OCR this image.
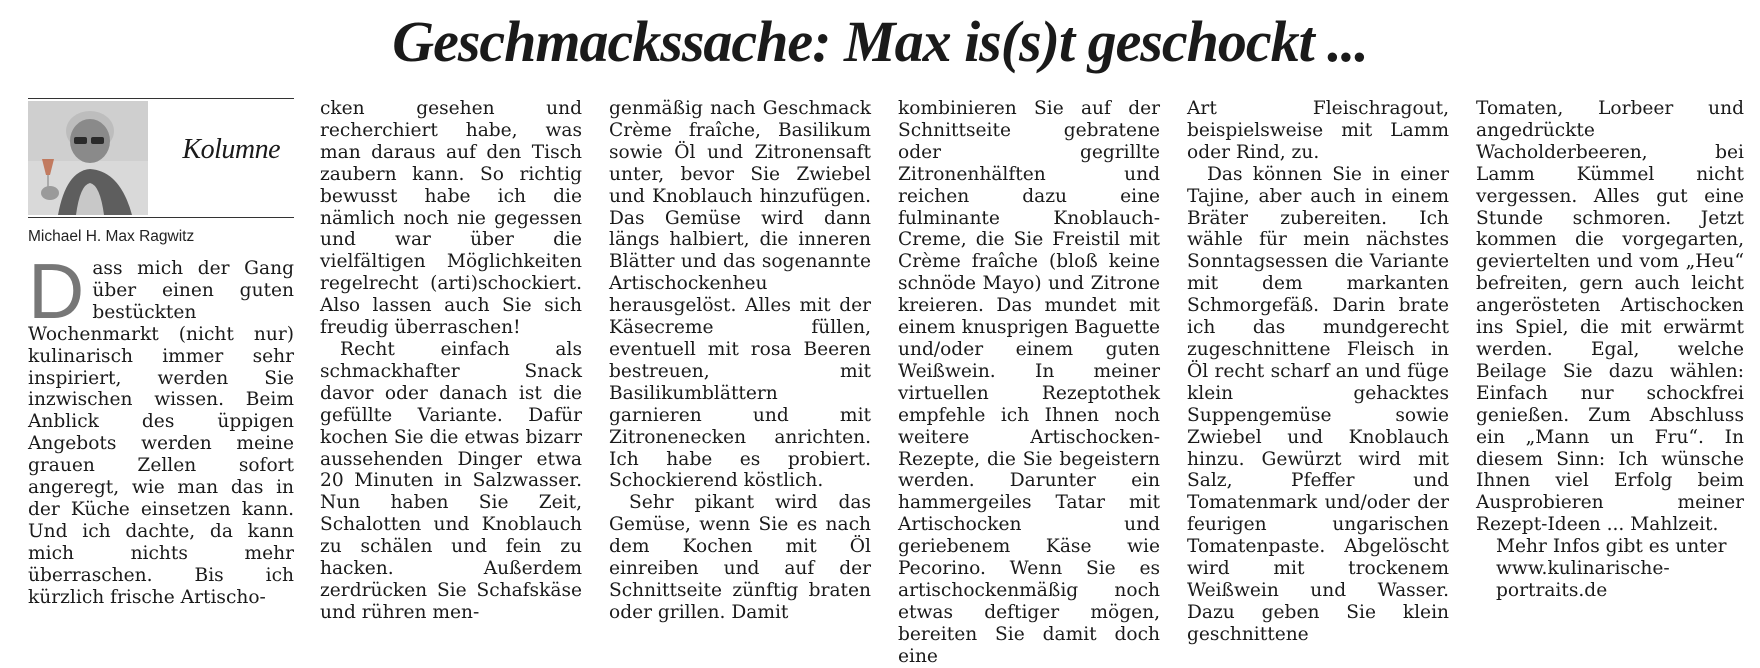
Geschmackssache: Max is(s)t geschockt ...
Kolumne
Michael H. Max Ragwitz

Dass mich der Gang über einen guten bestückten Wochenmarkt (nicht nur) kulinarisch immer sehr inspiriert, werden Sie inzwischen wissen. Beim Anblick des üppigen Angebots werden meine grauen Zellen sofort angeregt, wie man das in der Küche einsetzen kann. Und ich dachte, da kann mich nichts mehr überraschen. Bis ich kürzlich frische Artischo-

cken gesehen und recherchiert habe, was man daraus auf den Tisch zaubern kann. So richtig bewusst habe ich die nämlich noch nie gegessen und war über die vielfältigen Möglichkeiten regelrecht (arti)schockiert. Also lassen auch Sie sich freudig überraschen!

Recht einfach als schmackhafter Snack davor oder danach ist die gefüllte Variante. Dafür kochen Sie die etwas bizarr aussehenden Dinger etwa 20 Minuten in Salzwasser. Nun haben Sie Zeit, Schalotten und Knoblauch zu schälen und fein zu hacken. Außerdem zerdrücken Sie Schafskäse und rühren men-

genmäßig nach Geschmack Crème fraîche, Basilikum sowie Öl und Zitronensaft unter, bevor Sie Zwiebel und Knoblauch hinzufügen. Das Gemüse wird dann längs halbiert, die inneren Blätter und das sogenannte Artischockenheu herausgelöst. Alles mit der Käsecreme füllen, eventuell mit rosa Beeren bestreuen, mit Basilikumblättern garnieren und mit Zitronenecken anrichten. Ich habe es probiert. Schockierend köstlich.

Sehr pikant wird das Gemüse, wenn Sie es nach dem Kochen mit Öl einreiben und auf der Schnittseite zünftig braten oder grillen. Damit

kombinieren Sie auf der Schnittseite gebratene oder gegrillte Zitronenhälften und reichen dazu eine fulminante Knoblauch-Creme, die Sie Freistil mit Crème fraîche (bloß keine schnöde Mayo) und Zitrone kreieren. Das mundet mit einem knusprigen Baguette und/oder einem guten Weißwein. In meiner virtuellen Rezeptothek empfehle ich Ihnen noch weitere Artischocken-Rezepte, die Sie begeistern werden. Darunter ein hammergeiles Tatar mit Artischocken und geriebenem Käse wie Pecorino. Wenn Sie es artischockenmäßig noch etwas deftiger mögen, bereiten Sie damit doch eine

Art Fleischragout, beispielsweise mit Lamm oder Rind, zu.

Das können Sie in einer Tajine, aber auch in einem Bräter zubereiten. Ich wähle für mein nächstes Sonntagsessen die Variante mit dem markanten Schmorgefäß. Darin brate ich das mundgerecht zugeschnittene Fleisch in Öl recht scharf an und füge klein gehacktes Suppengemüse sowie Zwiebel und Knoblauch hinzu. Gewürzt wird mit Salz, Pfeffer und Tomatenmark und/oder der feurigen ungarischen Tomatenpaste. Abgelöscht wird mit trockenem Weißwein und Wasser. Dazu geben Sie klein geschnittene

Tomaten, Lorbeer und angedrückte Wacholderbeeren, bei Lamm Kümmel nicht vergessen. Alles gut eine Stunde schmoren. Jetzt kommen die vorgegarten, geviertelten und vom „Heu“ befreiten, gern auch leicht angerösteten Artischocken ins Spiel, die mit erwärmt werden. Egal, welche Beilage Sie dazu wählen: Einfach nur schockfrei genießen. Zum Abschluss ein „Mann un Fru“. In diesem Sinn: Ich wünsche Ihnen viel Erfolg beim Ausprobieren meiner Rezept-Ideen ... Mahlzeit.

Mehr Infos gibt es unter

www.kulinarische-

portraits.de
